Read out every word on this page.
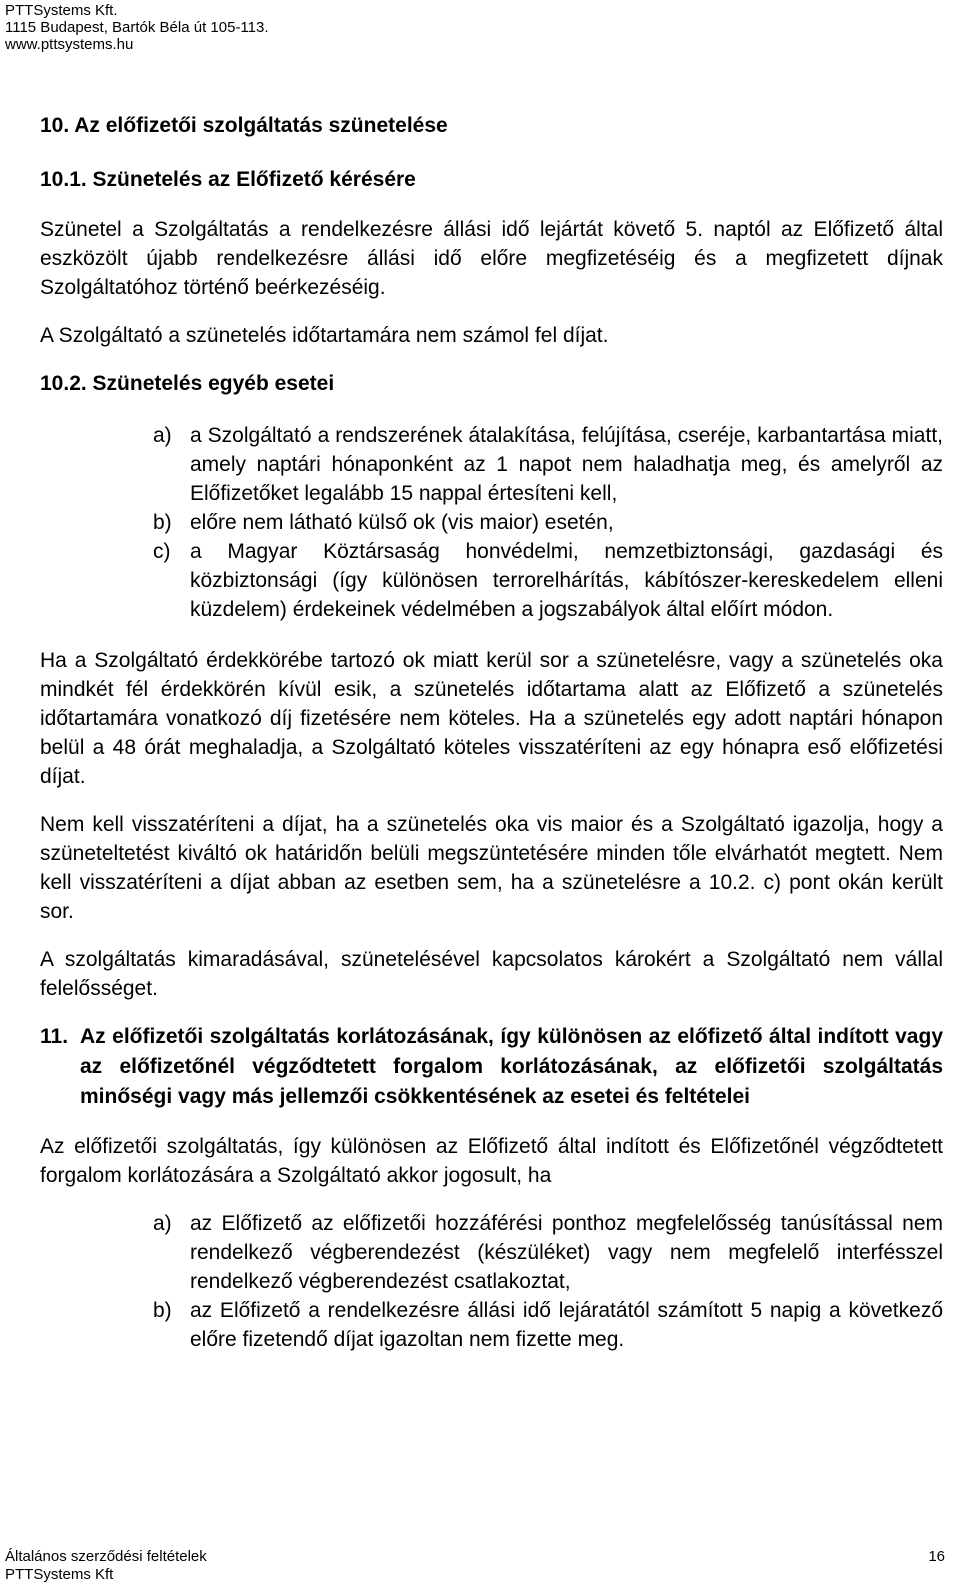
PTTSystems Kft.
1115 Budapest, Bartók Béla út 105-113.
www.pttsystems.hu
10. Az előfizetői szolgáltatás szünetelése
10.1. Szünetelés az Előfizető kérésére

Szünetel a Szolgáltatás a rendelkezésre állási idő lejártát követő 5. naptól az Előfizető által eszközölt újabb rendelkezésre állási idő előre megfizetéséig és a megfizetett díjnak Szolgáltatóhoz történő beérkezéséig.

A Szolgáltató a szünetelés időtartamára nem számol fel díjat.

10.2. Szünetelés egyéb esetei
a) a Szolgáltató a rendszerének átalakítása, felújítása, cseréje, karbantartása miatt, amely naptári hónaponként az 1 napot nem haladhatja meg, és amelyről az Előfizetőket legalább 15 nappal értesíteni kell,
b) előre nem látható külső ok (vis maior) esetén,
c) a Magyar Köztársaság honvédelmi, nemzetbiztonsági, gazdasági és közbiztonsági (így különösen terrorelhárítás, kábítószer-kereskedelem elleni küzdelem) érdekeinek védelmében a jogszabályok által előírt módon.

Ha a Szolgáltató érdekkörébe tartozó ok miatt kerül sor a szünetelésre, vagy a szünetelés oka mindkét fél érdekkörén kívül esik, a szünetelés időtartama alatt az Előfizető a szünetelés időtartamára vonatkozó díj fizetésére nem köteles. Ha a szünetelés egy adott naptári hónapon belül a 48 órát meghaladja, a Szolgáltató köteles visszatéríteni az egy hónapra eső előfizetési díjat.

Nem kell visszatéríteni a díjat, ha a szünetelés oka vis maior és a Szolgáltató igazolja, hogy a szüneteltetést kiváltó ok határidőn belüli megszüntetésére minden tőle elvárhatót megtett. Nem kell visszatéríteni a díjat abban az esetben sem, ha a szünetelésre a 10.2. c) pont okán került sor.

A szolgáltatás kimaradásával, szünetelésével kapcsolatos károkért a Szolgáltató nem vállal felelősséget.

11. Az előfizetői szolgáltatás korlátozásának, így különösen az előfizető által indított vagy az előfizetőnél végződtetett forgalom korlátozásának, az előfizetői szolgáltatás minőségi vagy más jellemzői csökkentésének az esetei és feltételei

Az előfizetői szolgáltatás, így különösen az Előfizető által indított és Előfizetőnél végződtetett forgalom korlátozására a Szolgáltató akkor jogosult, ha

a) az Előfizető az előfizetői hozzáférési ponthoz megfelelősség tanúsítással nem rendelkező végberendezést (készüléket) vagy nem megfelelő interfésszel rendelkező végberendezést csatlakoztat,
b) az Előfizető a rendelkezésre állási idő lejáratától számított 5 napig a következő előre fizetendő díjat igazoltan nem fizette meg.
Általános szerződési feltételek	16
PTTSystems Kft
